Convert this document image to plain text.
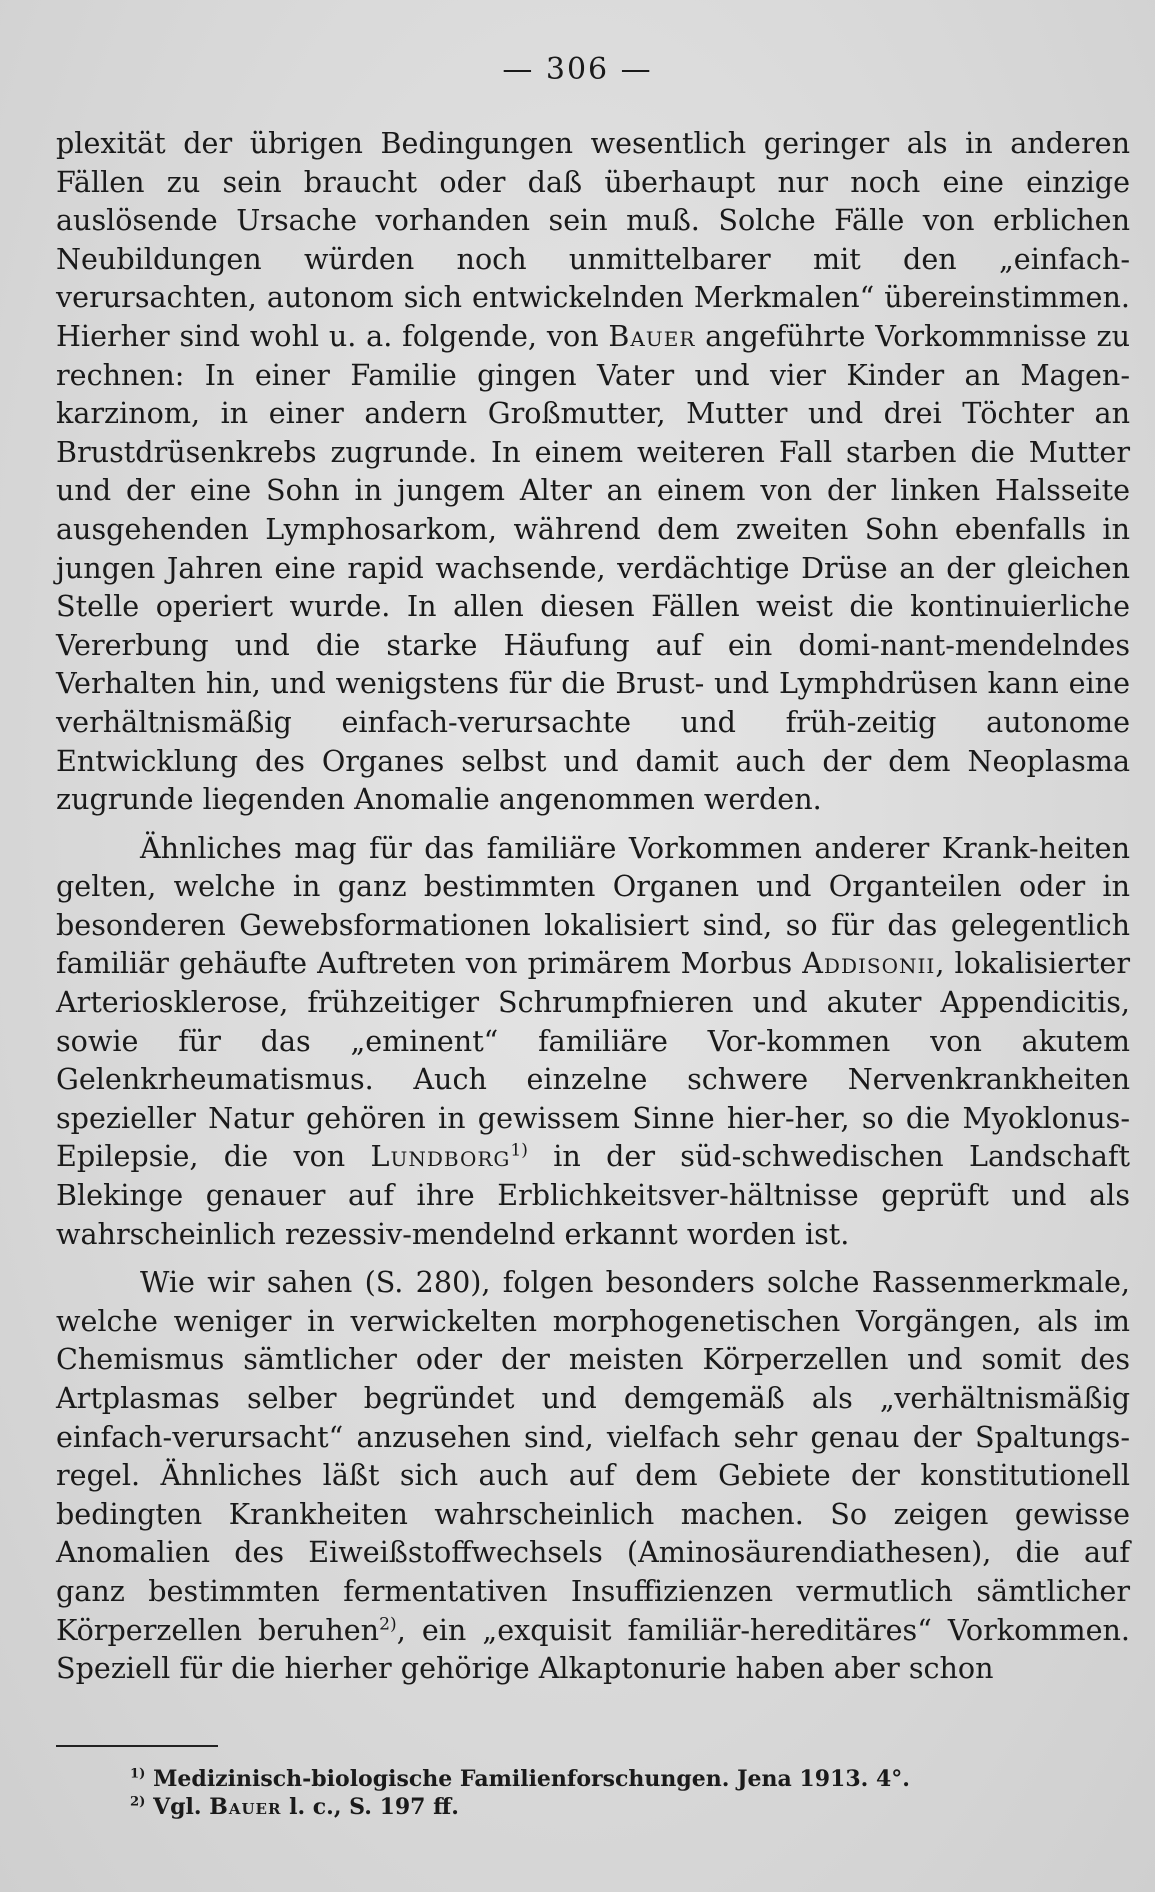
— 306 —

plexität der übrigen Bedingungen wesentlich geringer als in anderen Fällen zu sein braucht oder daß überhaupt nur noch eine einzige auslösende Ursache vorhanden sein muß. Solche Fälle von erblichen Neubildungen würden noch unmittelbarer mit den „einfach-verursachten, autonom sich entwickelnden Merkmalen“ übereinstimmen. Hierher sind wohl u. a. folgende, von Bauer angeführte Vorkommnisse zu rechnen: In einer Familie gingen Vater und vier Kinder an Magen-karzinom, in einer andern Großmutter, Mutter und drei Töchter an Brustdrüsenkrebs zugrunde. In einem weiteren Fall starben die Mutter und der eine Sohn in jungem Alter an einem von der linken Halsseite ausgehenden Lymphosarkom, während dem zweiten Sohn ebenfalls in jungen Jahren eine rapid wachsende, verdächtige Drüse an der gleichen Stelle operiert wurde. In allen diesen Fällen weist die kontinuierliche Vererbung und die starke Häufung auf ein domi-nant-mendelndes Verhalten hin, und wenigstens für die Brust- und Lymphdrüsen kann eine verhältnismäßig einfach-verursachte und früh-zeitig autonome Entwicklung des Organes selbst und damit auch der dem Neoplasma zugrunde liegenden Anomalie angenommen werden.

Ähnliches mag für das familiäre Vorkommen anderer Krank-heiten gelten, welche in ganz bestimmten Organen und Organteilen oder in besonderen Gewebsformationen lokalisiert sind, so für das gelegentlich familiär gehäufte Auftreten von primärem Morbus Addisonii, lokalisierter Arteriosklerose, frühzeitiger Schrumpfnieren und akuter Appendicitis, sowie für das „eminent“ familiäre Vor-kommen von akutem Gelenkrheumatismus. Auch einzelne schwere Nervenkrankheiten spezieller Natur gehören in gewissem Sinne hier-her, so die Myoklonus-Epilepsie, die von Lundborg$^{1)}$ in der süd-schwedischen Landschaft Blekinge genauer auf ihre Erblichkeitsver-hältnisse geprüft und als wahrscheinlich rezessiv-mendelnd erkannt worden ist.

Wie wir sahen (S. 280), folgen besonders solche Rassenmerkmale, welche weniger in verwickelten morphogenetischen Vorgängen, als im Chemismus sämtlicher oder der meisten Körperzellen und somit des Artplasmas selber begründet und demgemäß als „verhältnismäßig einfach-verursacht“ anzusehen sind, vielfach sehr genau der Spaltungs-regel. Ähnliches läßt sich auch auf dem Gebiete der konstitutionell bedingten Krankheiten wahrscheinlich machen. So zeigen gewisse Anomalien des Eiweißstoffwechsels (Aminosäurendiathesen), die auf ganz bestimmten fermentativen Insuffizienzen vermutlich sämtlicher Körperzellen beruhen$^{2)}$, ein „exquisit familiär-hereditäres“ Vorkommen. Speziell für die hierher gehörige Alkaptonurie haben aber schon

$^{1)}$ Medizinisch-biologische Familienforschungen. Jena 1913. 4°.
$^{2)}$ Vgl. Bauer l. c., S. 197 ff.
